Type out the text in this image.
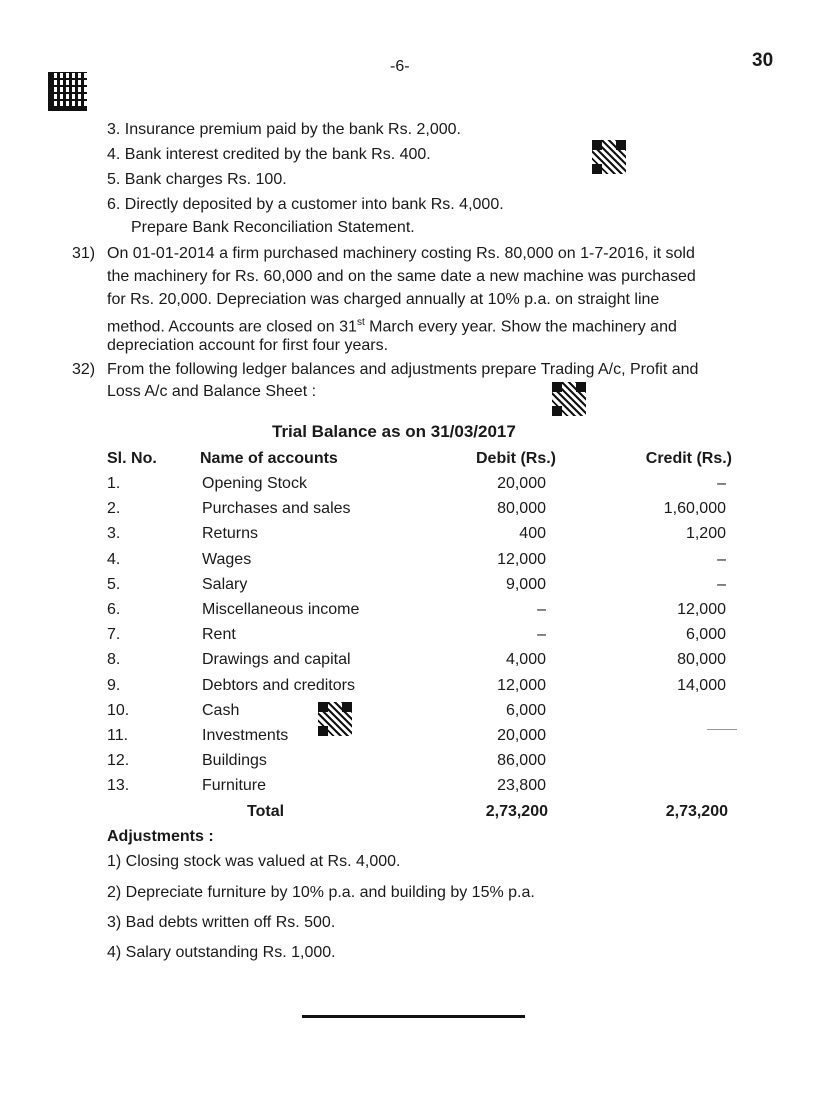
-6-	30
3. Insurance premium paid by the bank Rs. 2,000.
4. Bank interest credited by the bank Rs. 400.
5. Bank charges Rs. 100.
6. Directly deposited by a customer into bank Rs. 4,000.
Prepare Bank Reconciliation Statement.
31) On 01-01-2014 a firm purchased machinery costing Rs. 80,000 on 1-7-2016, it sold
the machinery for Rs. 60,000 and on the same date a new machine was purchased
for Rs. 20,000. Depreciation was charged annually at 10% p.a. on straight line
method. Accounts are closed on 31st March every year. Show the machinery and
depreciation account for first four years.
32) From the following ledger balances and adjustments prepare Trading A/c, Profit and
Loss A/c and Balance Sheet :
Trial Balance as on 31/03/2017
Sl. No.	Name of accounts	Debit (Rs.)	Credit (Rs.)
1.	Opening Stock	20,000	–
2.	Purchases and sales	80,000	1,60,000
3.	Returns	400	1,200
4.	Wages	12,000	–
5.	Salary	9,000	–
6.	Miscellaneous income	–	12,000
7.	Rent	–	6,000
8.	Drawings and capital	4,000	80,000
9.	Debtors and creditors	12,000	14,000
10.	Cash	6,000
11.	Investments	20,000
12.	Buildings	86,000
13.	Furniture	23,800
Total	2,73,200	2,73,200
Adjustments :
1) Closing stock was valued at Rs. 4,000.
2) Depreciate furniture by 10% p.a. and building by 15% p.a.
3) Bad debts written off Rs. 500.
4) Salary outstanding Rs. 1,000.
